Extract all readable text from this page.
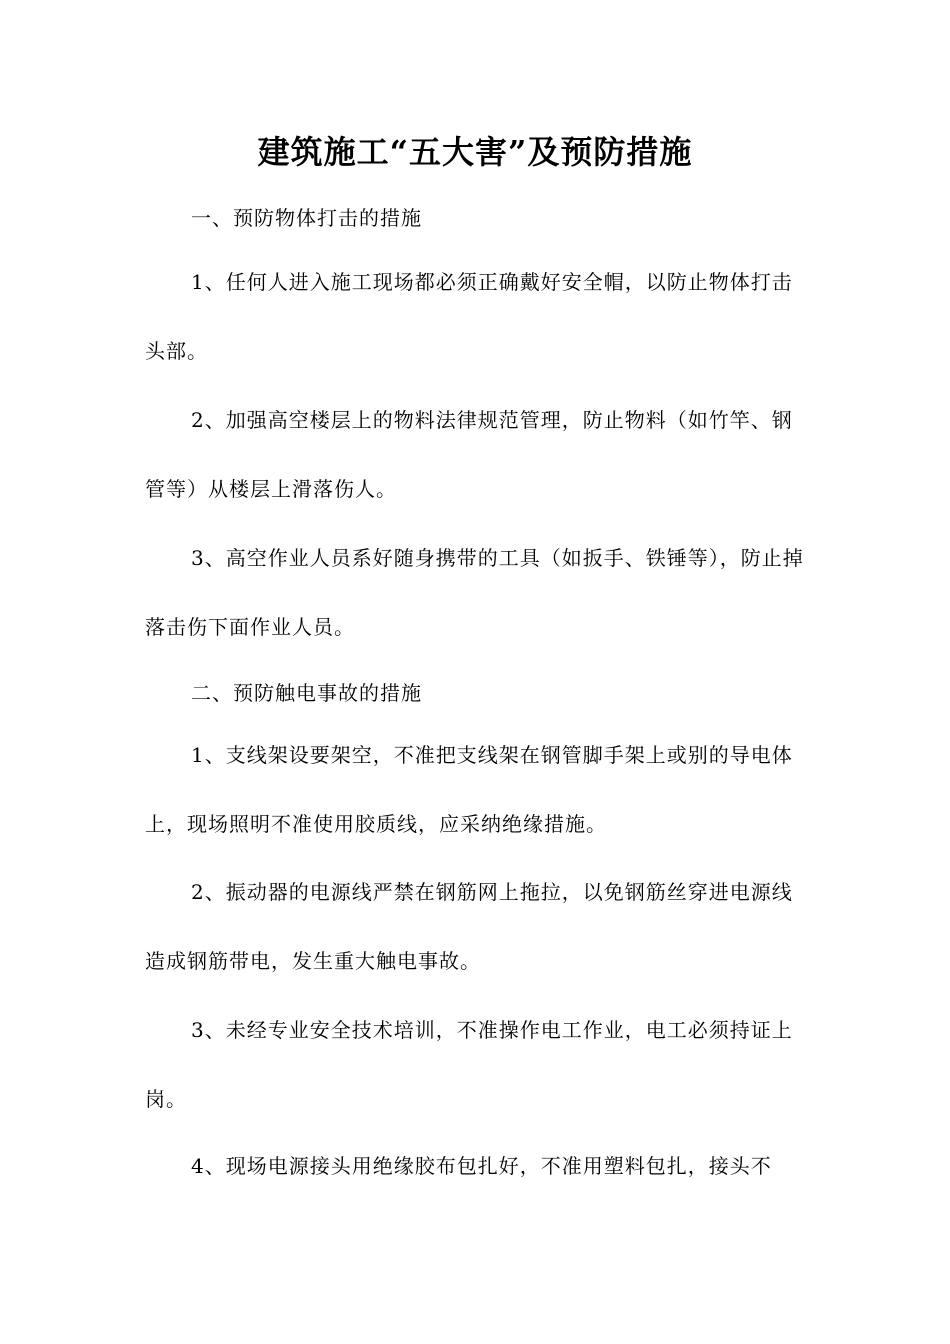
建筑施工“五大害”及预防措施

一、预防物体打击的措施

1、任何人进入施工现场都必须正确戴好安全帽，以防止物体打击头部。

2、加强高空楼层上的物料法律规范管理，防止物料（如竹竿、钢管等）从楼层上滑落伤人。

3、高空作业人员系好随身携带的工具（如扳手、铁锤等），防止掉落击伤下面作业人员。

二、预防触电事故的措施

1、支线架设要架空，不准把支线架在钢管脚手架上或别的导电体上，现场照明不准使用胶质线，应采纳绝缘措施。

2、振动器的电源线严禁在钢筋网上拖拉，以免钢筋丝穿进电源线造成钢筋带电，发生重大触电事故。

3、未经专业安全技术培训，不准操作电工作业，电工必须持证上岗。

4、现场电源接头用绝缘胶布包扎好，不准用塑料包扎，接头不
